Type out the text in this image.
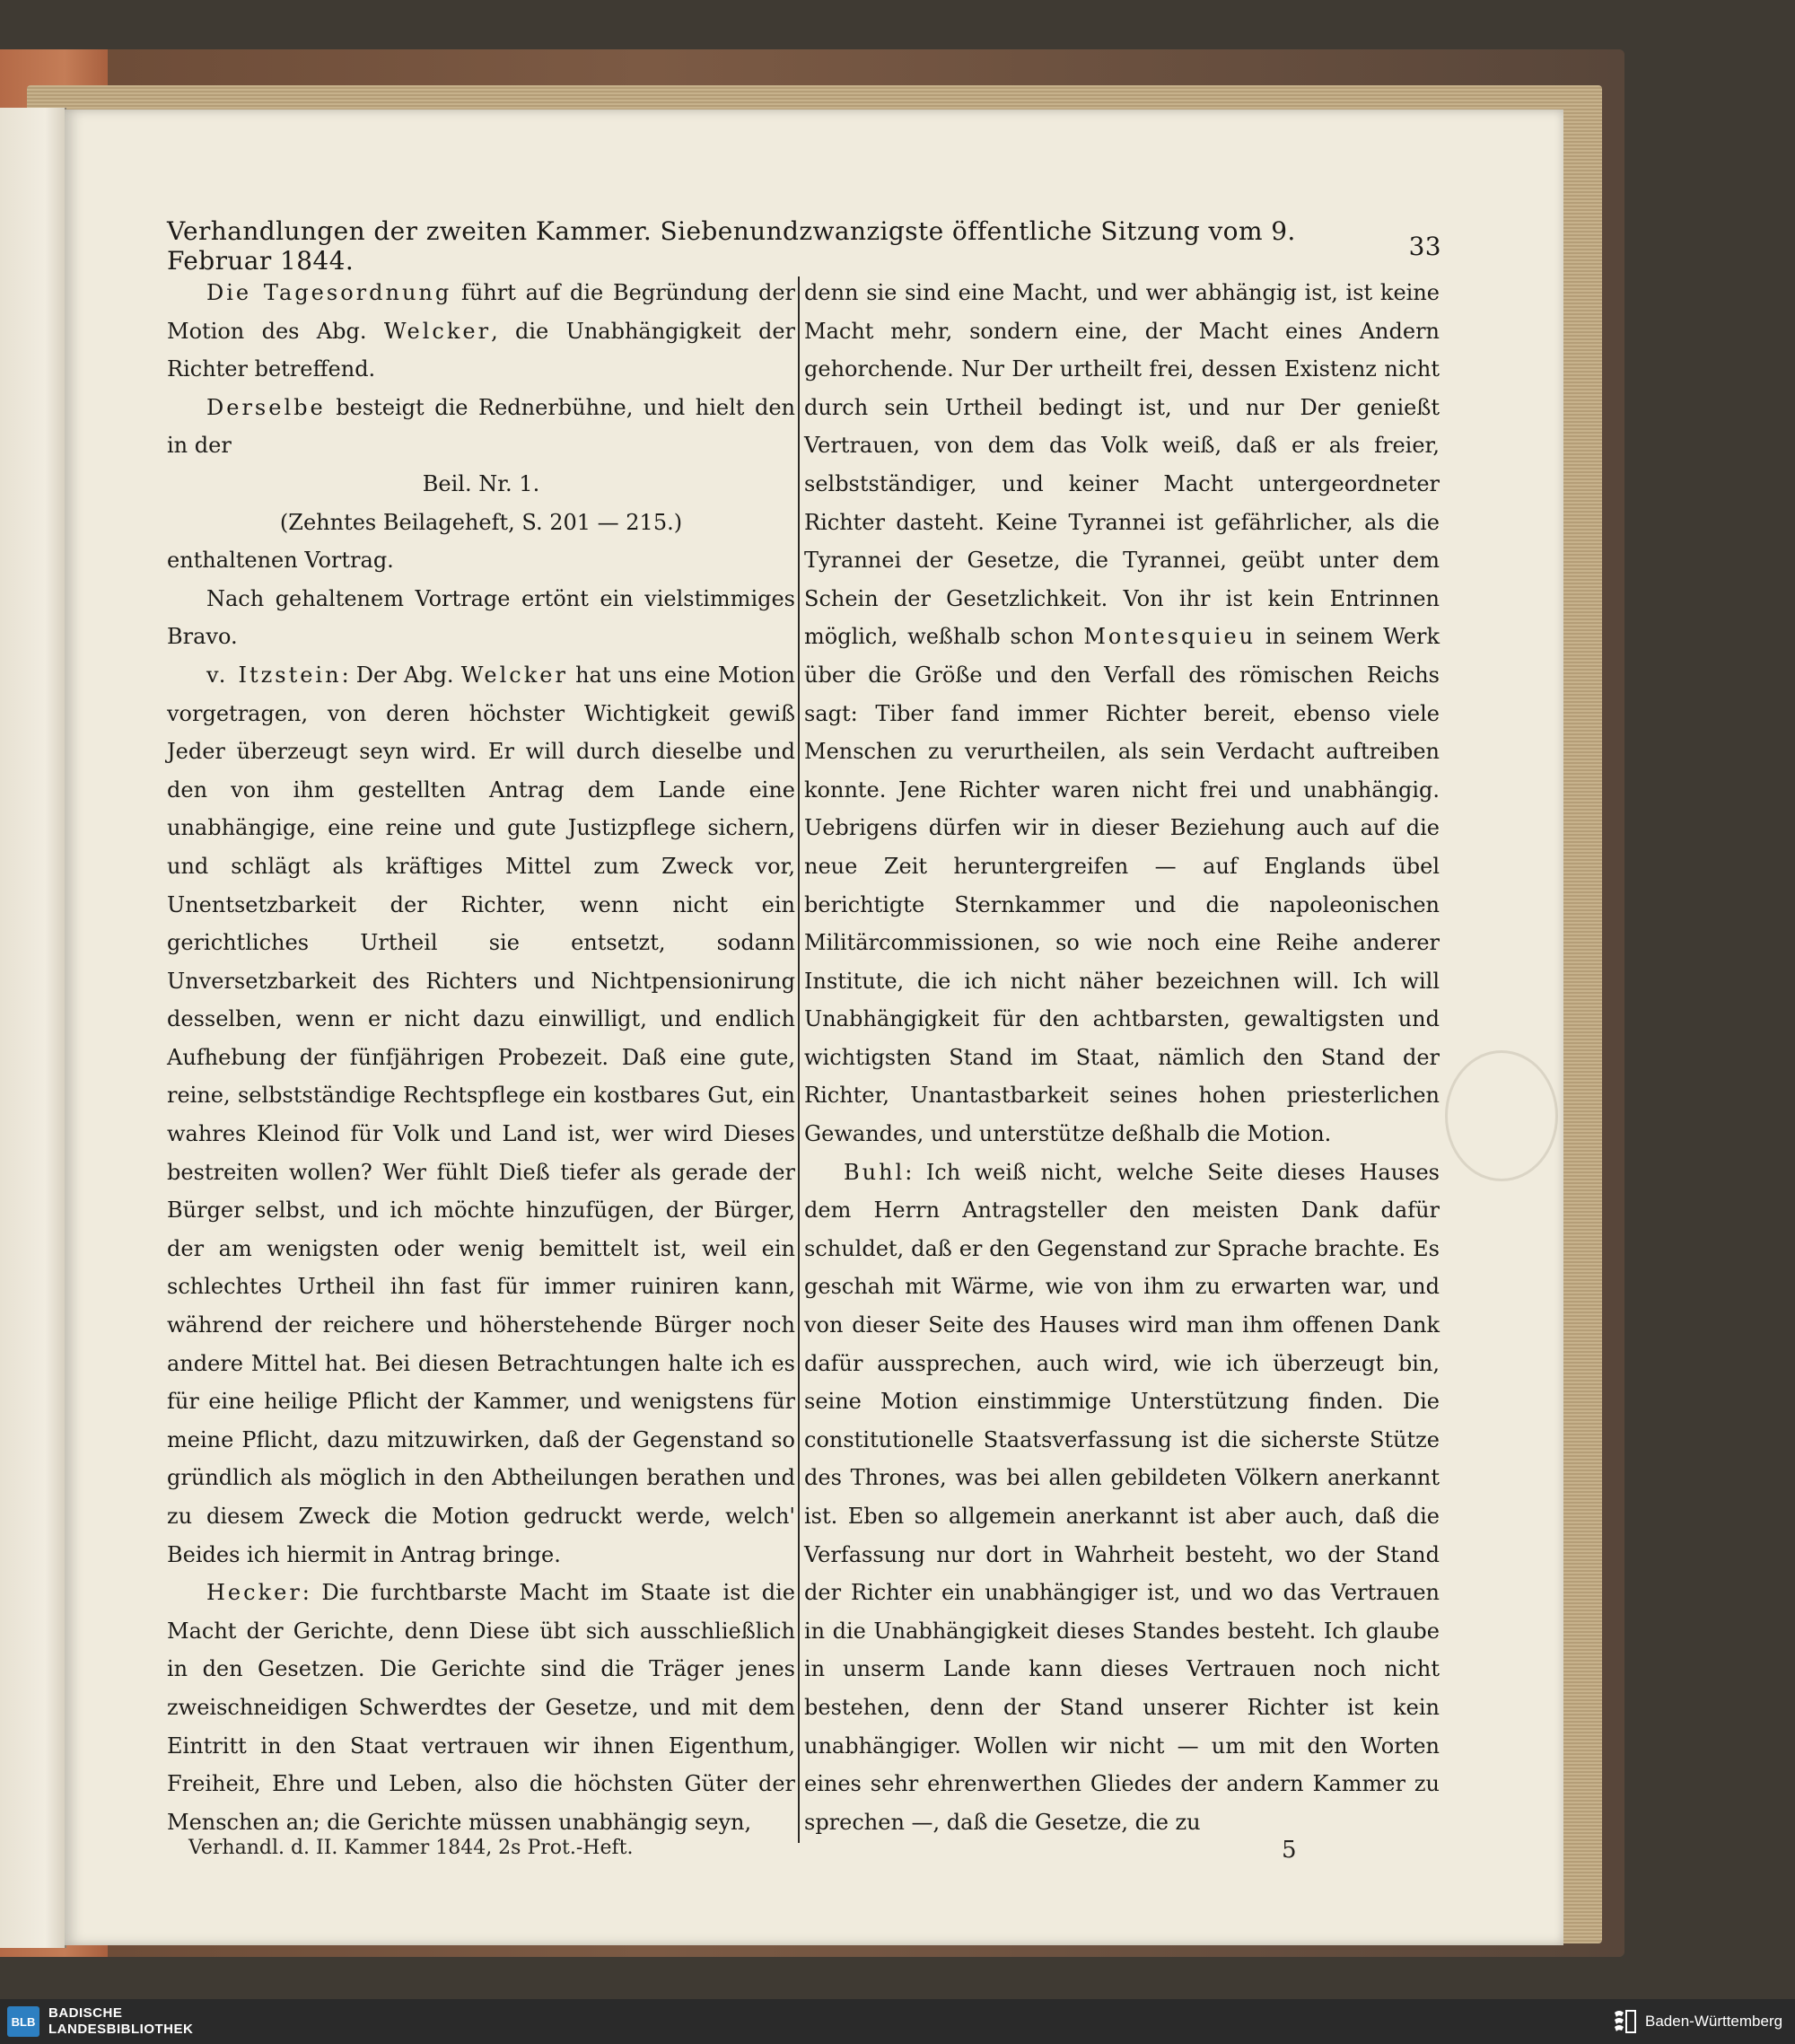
Verhandlungen der zweiten Kammer. Siebenundzwanzigste öffentliche Sitzung vom 9. Februar 1844.	33

Die Tagesordnung führt auf die Begründung der Motion des Abg. Welcker, die Unabhängigkeit der Richter betreffend.

Derselbe besteigt die Rednerbühne, und hielt den in der

Beil. Nr. 1.

(Zehntes Beilageheft, S. 201 — 215.)

enthaltenen Vortrag.

Nach gehaltenem Vortrage ertönt ein vielstimmiges Bravo.

v. Itzstein: Der Abg. Welcker hat uns eine Motion vorgetragen, von deren höchster Wichtigkeit gewiß Jeder überzeugt seyn wird. Er will durch dieselbe und den von ihm gestellten Antrag dem Lande eine unabhängige, eine reine und gute Justizpflege sichern, und schlägt als kräftiges Mittel zum Zweck vor, Unentsetzbarkeit der Richter, wenn nicht ein gerichtliches Urtheil sie entsetzt, sodann Unversetzbarkeit des Richters und Nichtpensionirung desselben, wenn er nicht dazu einwilligt, und endlich Aufhebung der fünfjährigen Probezeit. Daß eine gute, reine, selbstständige Rechtspflege ein kostbares Gut, ein wahres Kleinod für Volk und Land ist, wer wird Dieses bestreiten wollen? Wer fühlt Dieß tiefer als gerade der Bürger selbst, und ich möchte hinzufügen, der Bürger, der am wenigsten oder wenig bemittelt ist, weil ein schlechtes Urtheil ihn fast für immer ruiniren kann, während der reichere und höherstehende Bürger noch andere Mittel hat. Bei diesen Betrachtungen halte ich es für eine heilige Pflicht der Kammer, und wenigstens für meine Pflicht, dazu mitzuwirken, daß der Gegenstand so gründlich als möglich in den Abtheilungen berathen und zu diesem Zweck die Motion gedruckt werde, welch' Beides ich hiermit in Antrag bringe.

Hecker: Die furchtbarste Macht im Staate ist die Macht der Gerichte, denn Diese übt sich ausschließlich in den Gesetzen. Die Gerichte sind die Träger jenes zweischneidigen Schwerdtes der Gesetze, und mit dem Eintritt in den Staat vertrauen wir ihnen Eigenthum, Freiheit, Ehre und Leben, also die höchsten Güter der Menschen an; die Gerichte müssen unabhängig seyn,

denn sie sind eine Macht, und wer abhängig ist, ist keine Macht mehr, sondern eine, der Macht eines Andern gehorchende. Nur Der urtheilt frei, dessen Existenz nicht durch sein Urtheil bedingt ist, und nur Der genießt Vertrauen, von dem das Volk weiß, daß er als freier, selbstständiger, und keiner Macht untergeordneter Richter dasteht. Keine Tyrannei ist gefährlicher, als die Tyrannei der Gesetze, die Tyrannei, geübt unter dem Schein der Gesetzlichkeit. Von ihr ist kein Entrinnen möglich, weßhalb schon Montesquieu in seinem Werk über die Größe und den Verfall des römischen Reichs sagt: Tiber fand immer Richter bereit, ebenso viele Menschen zu verurtheilen, als sein Verdacht auftreiben konnte. Jene Richter waren nicht frei und unabhängig. Uebrigens dürfen wir in dieser Beziehung auch auf die neue Zeit heruntergreifen — auf Englands übel berichtigte Sternkammer und die napoleonischen Militärcommissionen, so wie noch eine Reihe anderer Institute, die ich nicht näher bezeichnen will. Ich will Unabhängigkeit für den achtbarsten, gewaltigsten und wichtigsten Stand im Staat, nämlich den Stand der Richter, Unantastbarkeit seines hohen priesterlichen Gewandes, und unterstütze deßhalb die Motion.

Buhl: Ich weiß nicht, welche Seite dieses Hauses dem Herrn Antragsteller den meisten Dank dafür schuldet, daß er den Gegenstand zur Sprache brachte. Es geschah mit Wärme, wie von ihm zu erwarten war, und von dieser Seite des Hauses wird man ihm offenen Dank dafür aussprechen, auch wird, wie ich überzeugt bin, seine Motion einstimmige Unterstützung finden. Die constitutionelle Staatsverfassung ist die sicherste Stütze des Thrones, was bei allen gebildeten Völkern anerkannt ist. Eben so allgemein anerkannt ist aber auch, daß die Verfassung nur dort in Wahrheit besteht, wo der Stand der Richter ein unabhängiger ist, und wo das Vertrauen in die Unabhängigkeit dieses Standes besteht. Ich glaube in unserm Lande kann dieses Vertrauen noch nicht bestehen, denn der Stand unserer Richter ist kein unabhängiger. Wollen wir nicht — um mit den Worten eines sehr ehrenwerthen Gliedes der andern Kammer zu sprechen —, daß die Gesetze, die zu

Verhandl. d. II. Kammer 1844, 2s Prot.-Heft.	5
BLB
BADISCHE
LANDESBIBLIOTHEK	Baden-Württemberg
